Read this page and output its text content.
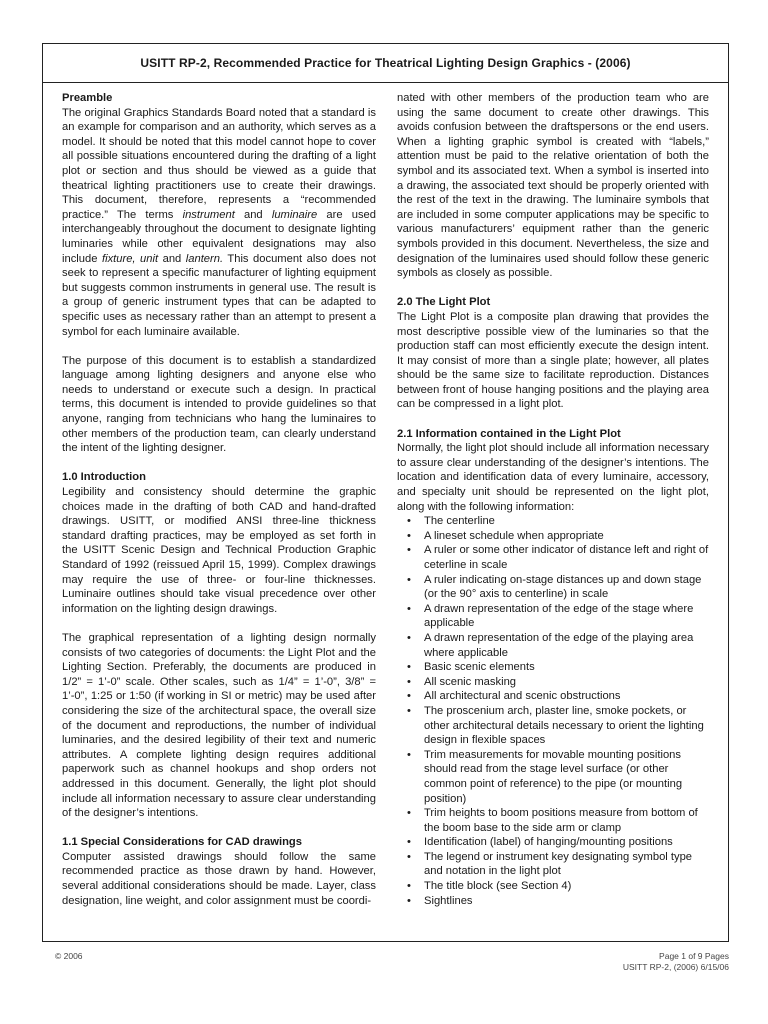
USITT RP-2, Recommended Practice for Theatrical Lighting Design Graphics - (2006)

Preamble

The original Graphics Standards Board noted that a standard is an example for comparison and an authority, which serves as a model. It should be noted that this model cannot hope to cover all possible situations encountered during the drafting of a light plot or section and thus should be viewed as a guide that theatrical lighting practitioners use to create their drawings. This document, therefore, represents a “recommended practice.” The terms instrument and luminaire are used interchangeably throughout the document to designate lighting luminaries while other equivalent designations may also include fixture, unit and lantern. This document also does not seek to represent a specific manufacturer of lighting equipment but suggests common instruments in general use. The result is a group of generic instrument types that can be adapted to specific uses as necessary rather than an attempt to present a symbol for each luminaire available.

The purpose of this document is to establish a standardized language among lighting designers and anyone else who needs to understand or execute such a design. In practical terms, this document is intended to provide guidelines so that anyone, ranging from technicians who hang the luminaires to other members of the production team, can clearly understand the intent of the lighting designer.

1.0 Introduction

Legibility and consistency should determine the graphic choices made in the drafting of both CAD and hand-drafted drawings. USITT, or modified ANSI three-line thickness standard drafting practices, may be employed as set forth in the USITT Scenic Design and Technical Production Graphic Standard of 1992 (reissued April 15, 1999). Complex drawings may require the use of three- or four-line thicknesses. Luminaire outlines should take visual precedence over other information on the lighting design drawings.

The graphical representation of a lighting design normally consists of two categories of documents: the Light Plot and the Lighting Section. Preferably, the documents are produced in 1/2” = 1’-0” scale. Other scales, such as 1/4” = 1’-0”, 3/8” = 1’-0”, 1:25 or 1:50 (if working in SI or metric) may be used after considering the size of the architectural space, the overall size of the document and reproductions, the number of individual luminaries, and the desired legibility of their text and numeric attributes. A complete lighting design requires additional paperwork such as channel hookups and shop orders not addressed in this document. Generally, the light plot should include all information necessary to assure clear understanding of the designer’s intentions.

1.1 Special Considerations for CAD drawings

Computer assisted drawings should follow the same recommended practice as those drawn by hand. However, several additional considerations should be made. Layer, class designation, line weight, and color assignment must be coordi-

nated with other members of the production team who are using the same document to create other drawings. This avoids confusion between the draftspersons or the end users. When a lighting graphic symbol is created with “labels,” attention must be paid to the relative orientation of both the symbol and its associated text. When a symbol is inserted into a drawing, the associated text should be properly oriented with the rest of the text in the drawing. The luminaire symbols that are included in some computer applications may be specific to various manufacturers’ equipment rather than the generic symbols provided in this document. Nevertheless, the size and designation of the luminaires used should follow these generic symbols as closely as possible.

2.0 The Light Plot

The Light Plot is a composite plan drawing that provides the most descriptive possible view of the luminaries so that the production staff can most efficiently execute the design intent. It may consist of more than a single plate; however, all plates should be the same size to facilitate reproduction. Distances between front of house hanging positions and the playing area can be compressed in a light plot.

2.1 Information contained in the Light Plot

Normally, the light plot should include all information necessary to assure clear understanding of the designer’s intentions. The location and identification data of every luminaire, accessory, and specialty unit should be represented on the light plot, along with the following information:

• The centerline
• A lineset schedule when appropriate
• A ruler or some other indicator of distance left and right of ceterline in scale
• A ruler indicating on-stage distances up and down stage (or the 90° axis to centerline) in scale
• A drawn representation of the edge of the stage where applicable
• A drawn representation of the edge of the playing area where applicable
• Basic scenic elements
• All scenic masking
• All architectural and scenic obstructions
• The proscenium arch, plaster line, smoke pockets, or other architectural details necessary to orient the lighting design in flexible spaces
• Trim measurements for movable mounting positions should read from the stage level surface (or other common point of reference) to the pipe (or mounting position)
• Trim heights to boom positions measure from bottom of the boom base to the side arm or clamp
• Identification (label) of hanging/mounting positions
• The legend or instrument key designating symbol type and notation in the light plot
• The title block (see Section 4)
• Sightlines
© 2006	Page 1 of 9 Pages
USITT RP-2, (2006) 6/15/06
